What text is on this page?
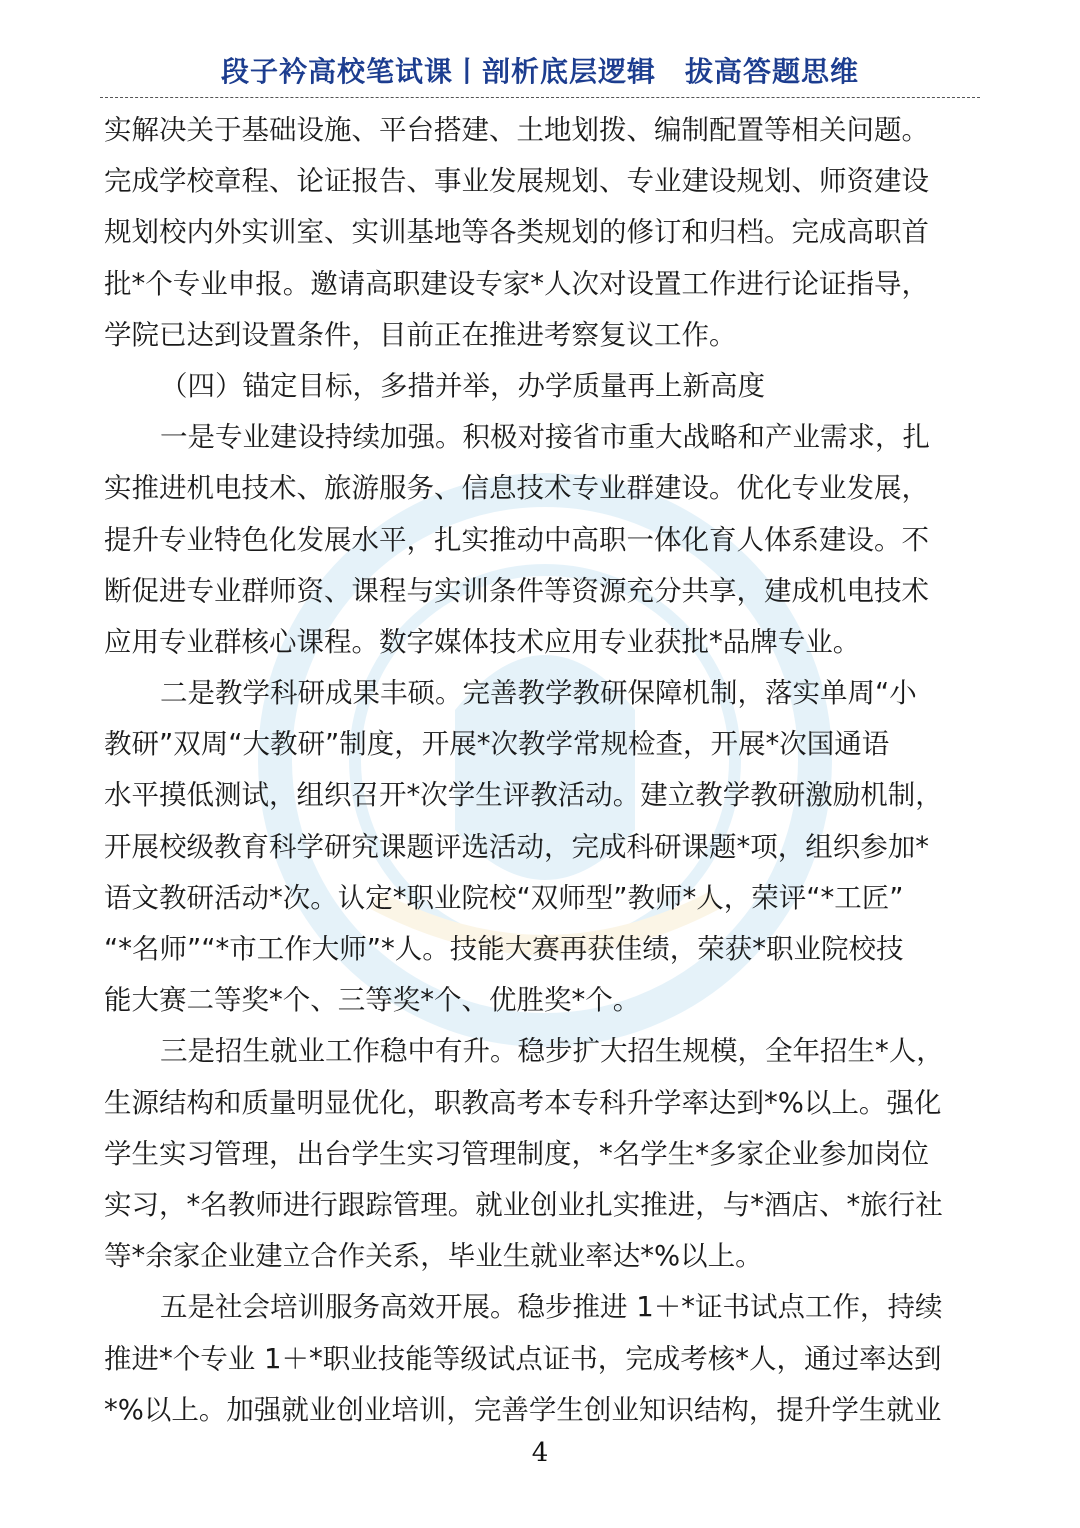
段子衿高校笔试课丨剖析底层逻辑　拔高答题思维
实解决关于基础设施、平台搭建、土地划拨、编制配置等相关问题。
完成学校章程、论证报告、事业发展规划、专业建设规划、师资建设
规划校内外实训室、实训基地等各类规划的修订和归档。完成高职首
批*个专业申报。邀请高职建设专家*人次对设置工作进行论证指导，
学院已达到设置条件，目前正在推进考察复议工作。
（四）锚定目标，多措并举，办学质量再上新高度
一是专业建设持续加强。积极对接省市重大战略和产业需求，扎
实推进机电技术、旅游服务、信息技术专业群建设。优化专业发展，
提升专业特色化发展水平，扎实推动中高职一体化育人体系建设。不
断促进专业群师资、课程与实训条件等资源充分共享，建成机电技术
应用专业群核心课程。数字媒体技术应用专业获批*品牌专业。
二是教学科研成果丰硕。完善教学教研保障机制，落实单周“小
教研”双周“大教研”制度，开展*次教学常规检查，开展*次国通语
水平摸低测试，组织召开*次学生评教活动。建立教学教研激励机制，
开展校级教育科学研究课题评选活动，完成科研课题*项，组织参加*
语文教研活动*次。认定*职业院校“双师型”教师*人，荣评“*工匠”
“*名师”“*市工作大师”*人。技能大赛再获佳绩，荣获*职业院校技
能大赛二等奖*个、三等奖*个、优胜奖*个。
三是招生就业工作稳中有升。稳步扩大招生规模，全年招生*人，
生源结构和质量明显优化，职教高考本专科升学率达到*%以上。强化
学生实习管理，出台学生实习管理制度，*名学生*多家企业参加岗位
实习，*名教师进行跟踪管理。就业创业扎实推进，与*酒店、*旅行社
等*余家企业建立合作关系，毕业生就业率达*%以上。
五是社会培训服务高效开展。稳步推进 1＋*证书试点工作，持续
推进*个专业 1＋*职业技能等级试点证书，完成考核*人，通过率达到
*%以上。加强就业创业培训，完善学生创业知识结构，提升学生就业
4
